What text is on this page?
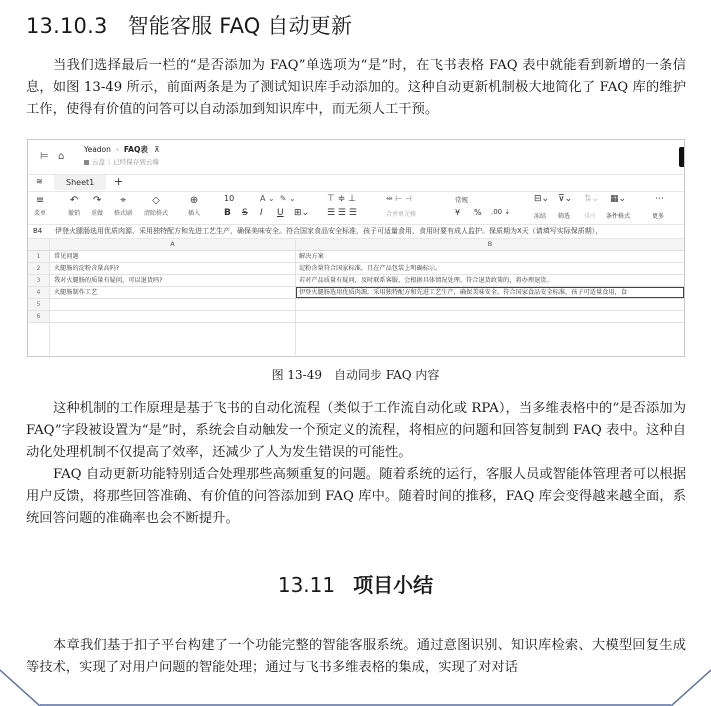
13.10.3 智能客服 FAQ 自动更新

当我们选择最后一栏的“是否添加为 FAQ”单选项为“是”时，在飞书表格 FAQ 表中就能看到新增的一条信息，如图 13-49 所示，前面两条是为了测试知识库手动添加的。这种自动更新机制极大地简化了 FAQ 库的维护工作，使得有价值的问答可以自动添加到知识库中，而无须人工干预。

⊨ ⌂
Yeadon › FAQ表 ⊼
云盘 | 已经保存到云端
≋	Sheet1	+
≡
菜单
↶
撤销
↷
重做
⌖
格式刷
◇
清除格式
⊕
插入
10	A ⌄  ✎ ⌄
B S I U ⊞⌄
⊤ ≑ ⊥
☰ ☰ ☰
⇹ ⊢ ⊣
合并单元格
常规
¥ % .00 ⇣
⊟⌄
冻结
⊽⌄
筛选
⇅⌄
排序
▦⌄
条件格式
⋯
更多
B4 伊登火腿肠选用优质肉源，采用独特配方和先进工艺生产，确保美味安全。符合国家食品安全标准，孩子可适量食用，食用时要有成人监护。保质期为X天（请填写实际保质期），
A	B
1	常见问题	解决方案
2	火腿肠的淀粉含量高吗?	淀粉含量符合国家标准，且在产品包装上明确标示。
3	我对火腿肠的质量有疑问，可以退货吗?	若对产品质量有疑问，及时联系客服，会根据具体情况处理。符合退货政策的，将办理退货。
4	火腿肠制作工艺	伊登火腿肠选用优质肉源，采用独特配方和先进工艺生产，确保美味安全。符合国家食品安全标准，孩子可适量食用，食
5
6
图 13-49 自动同步 FAQ 内容

这种机制的工作原理是基于飞书的自动化流程（类似于工作流自动化或 RPA），当多维表格中的“是否添加为 FAQ”字段被设置为“是”时，系统会自动触发一个预定义的流程，将相应的问题和回答复制到 FAQ 表中。这种自动化处理机制不仅提高了效率，还减少了人为发生错误的可能性。

FAQ 自动更新功能特别适合处理那些高频重复的问题。随着系统的运行，客服人员或智能体管理者可以根据用户反馈，将那些回答准确、有价值的问答添加到 FAQ 库中。随着时间的推移，FAQ 库会变得越来越全面，系统回答问题的准确率也会不断提升。

13.11 项目小结

本章我们基于扣子平台构建了一个功能完整的智能客服系统。通过意图识别、知识库检索、大模型回复生成等技术，实现了对用户问题的智能处理；通过与飞书多维表格的集成，实现了对对话
